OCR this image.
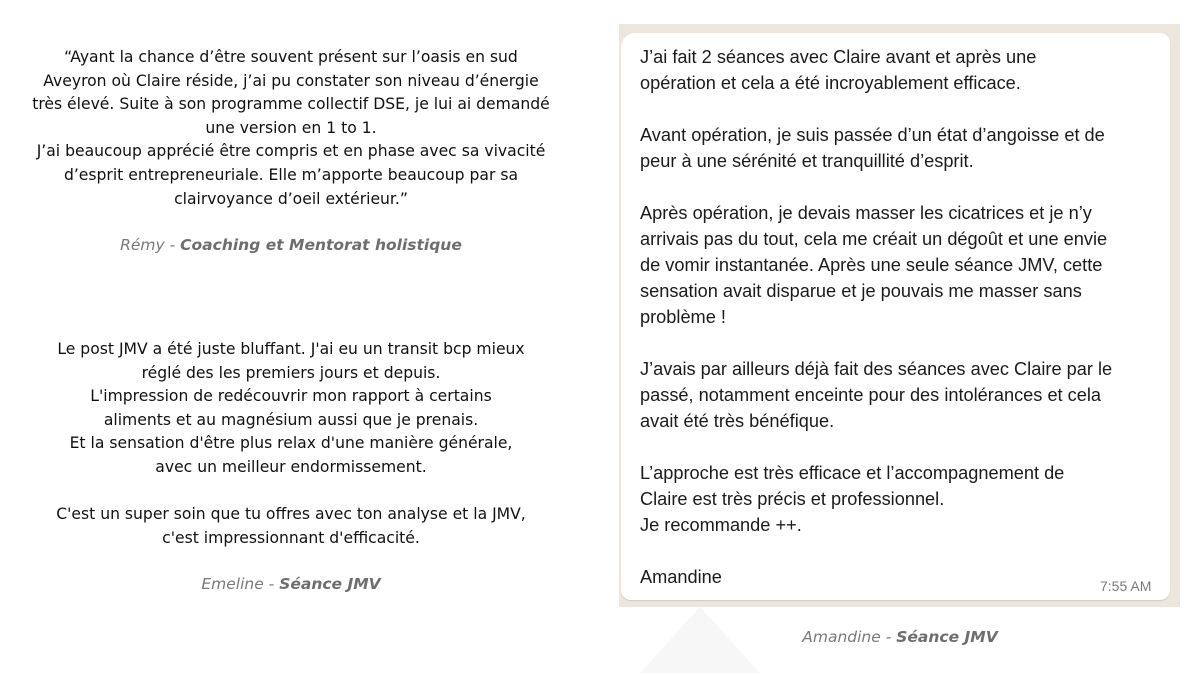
“Ayant la chance d’être souvent présent sur l’oasis en sud
Aveyron où Claire réside, j’ai pu constater son niveau d’énergie
très élevé. Suite à son programme collectif DSE, je lui ai demandé
une version en 1 to 1.
J’ai beaucoup apprécié être compris et en phase avec sa vivacité
d’esprit entrepreneuriale. Elle m’apporte beaucoup par sa
clairvoyance d’oeil extérieur.”
Rémy - Coaching et Mentorat holistique
Le post JMV a été juste bluffant. J'ai eu un transit bcp mieux
réglé des les premiers jours et depuis.
L'impression de redécouvrir mon rapport à certains
aliments et au magnésium aussi que je prenais.
Et la sensation d'être plus relax d'une manière générale,
avec un meilleur endormissement.
C'est un super soin que tu offres avec ton analyse et la JMV,
c'est impressionnant d'efficacité.
Emeline - Séance JMV
J’ai fait 2 séances avec Claire avant et après une
opération et cela a été incroyablement efficace.
Avant opération, je suis passée d’un état d’angoisse et de
peur à une sérénité et tranquillité d’esprit.
Après opération, je devais masser les cicatrices et je n’y
arrivais pas du tout, cela me créait un dégoût et une envie
de vomir instantanée. Après une seule séance JMV, cette
sensation avait disparue et je pouvais me masser sans
problème !
J’avais par ailleurs déjà fait des séances avec Claire par le
passé, notamment enceinte pour des intolérances et cela
avait été très bénéfique.
L’approche est très efficace et l’accompagnement de
Claire est très précis et professionnel.
Je recommande ++.
Amandine	7:55 AM
Amandine - Séance JMV
